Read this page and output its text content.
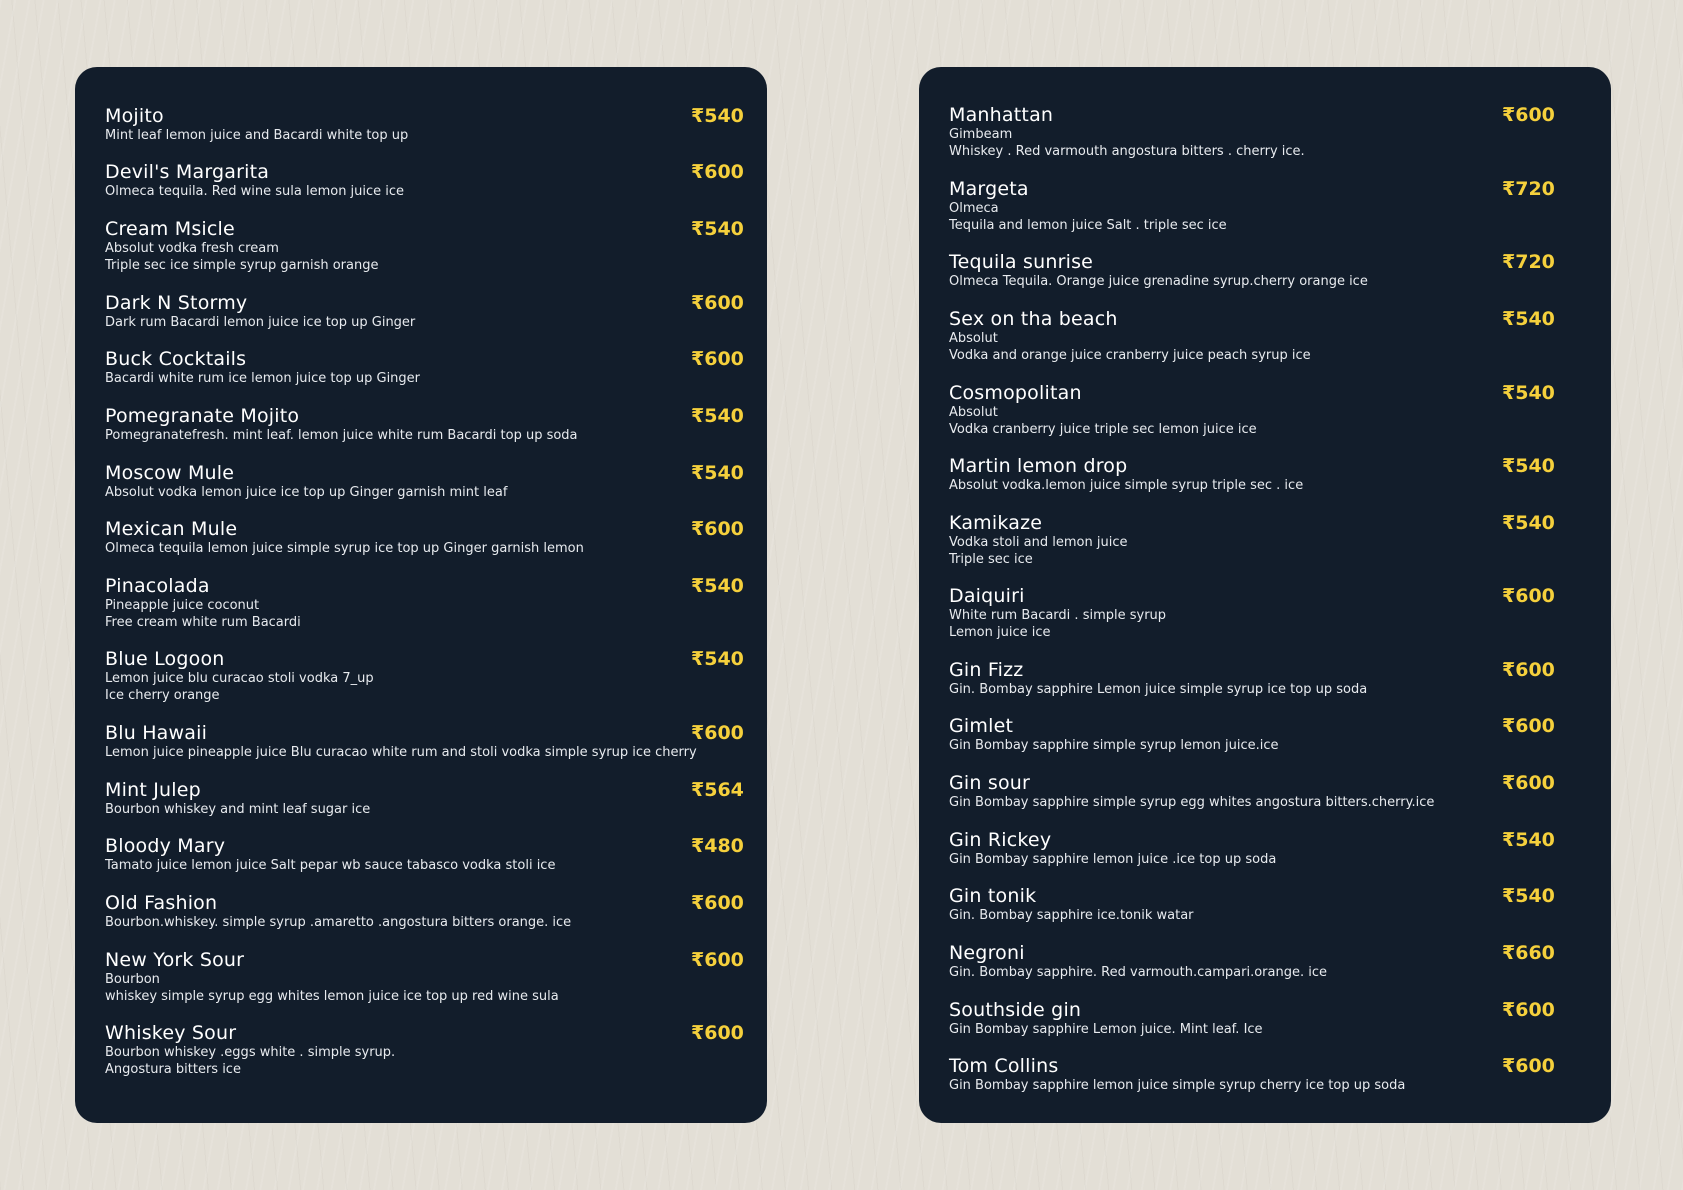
Mojito
Mint leaf lemon juice and Bacardi white top up
₹540
Devil's Margarita
Olmeca tequila. Red wine sula lemon juice ice
₹600
Cream Msicle
Absolut vodka fresh cream
Triple sec ice simple syrup garnish orange
₹540
Dark N Stormy
Dark rum Bacardi lemon juice ice top up Ginger
₹600
Buck Cocktails
Bacardi white rum ice lemon juice top up Ginger
₹600
Pomegranate Mojito
Pomegranatefresh. mint leaf. lemon juice white rum Bacardi top up soda
₹540
Moscow Mule
Absolut vodka lemon juice ice top up Ginger garnish mint leaf
₹540
Mexican Mule
Olmeca tequila lemon juice simple syrup ice top up Ginger garnish lemon
₹600
Pinacolada
Pineapple juice coconut
Free cream white rum Bacardi
₹540
Blue Logoon
Lemon juice blu curacao stoli vodka 7_up
Ice cherry orange
₹540
Blu Hawaii
Lemon juice pineapple juice Blu curacao white rum and stoli vodka simple syrup ice cherry
₹600
Mint Julep
Bourbon whiskey and mint leaf sugar ice
₹564
Bloody Mary
Tamato juice lemon juice Salt pepar wb sauce tabasco vodka stoli ice
₹480
Old Fashion
Bourbon.whiskey. simple syrup .amaretto .angostura bitters orange. ice
₹600
New York Sour
Bourbon
whiskey simple syrup egg whites lemon juice ice top up red wine sula
₹600
Whiskey Sour
Bourbon whiskey .eggs white . simple syrup.
Angostura bitters ice
₹600
Manhattan
Gimbeam
Whiskey . Red varmouth angostura bitters . cherry ice.
₹600
Margeta
Olmeca
Tequila and lemon juice Salt . triple sec ice
₹720
Tequila sunrise
Olmeca Tequila. Orange juice grenadine syrup.cherry orange ice
₹720
Sex on tha beach
Absolut
Vodka and orange juice cranberry juice peach syrup ice
₹540
Cosmopolitan
Absolut
Vodka cranberry juice triple sec lemon juice ice
₹540
Martin lemon drop
Absolut vodka.lemon juice simple syrup triple sec . ice
₹540
Kamikaze
Vodka stoli and lemon juice
Triple sec ice
₹540
Daiquiri
White rum Bacardi . simple syrup
Lemon juice ice
₹600
Gin Fizz
Gin. Bombay sapphire Lemon juice simple syrup ice top up soda
₹600
Gimlet
Gin Bombay sapphire simple syrup lemon juice.ice
₹600
Gin sour
Gin Bombay sapphire simple syrup egg whites angostura bitters.cherry.ice
₹600
Gin Rickey
Gin Bombay sapphire lemon juice .ice top up soda
₹540
Gin tonik
Gin. Bombay sapphire ice.tonik watar
₹540
Negroni
Gin. Bombay sapphire. Red varmouth.campari.orange. ice
₹660
Southside gin
Gin Bombay sapphire Lemon juice. Mint leaf. Ice
₹600
Tom Collins
Gin Bombay sapphire lemon juice simple syrup cherry ice top up soda
₹600
